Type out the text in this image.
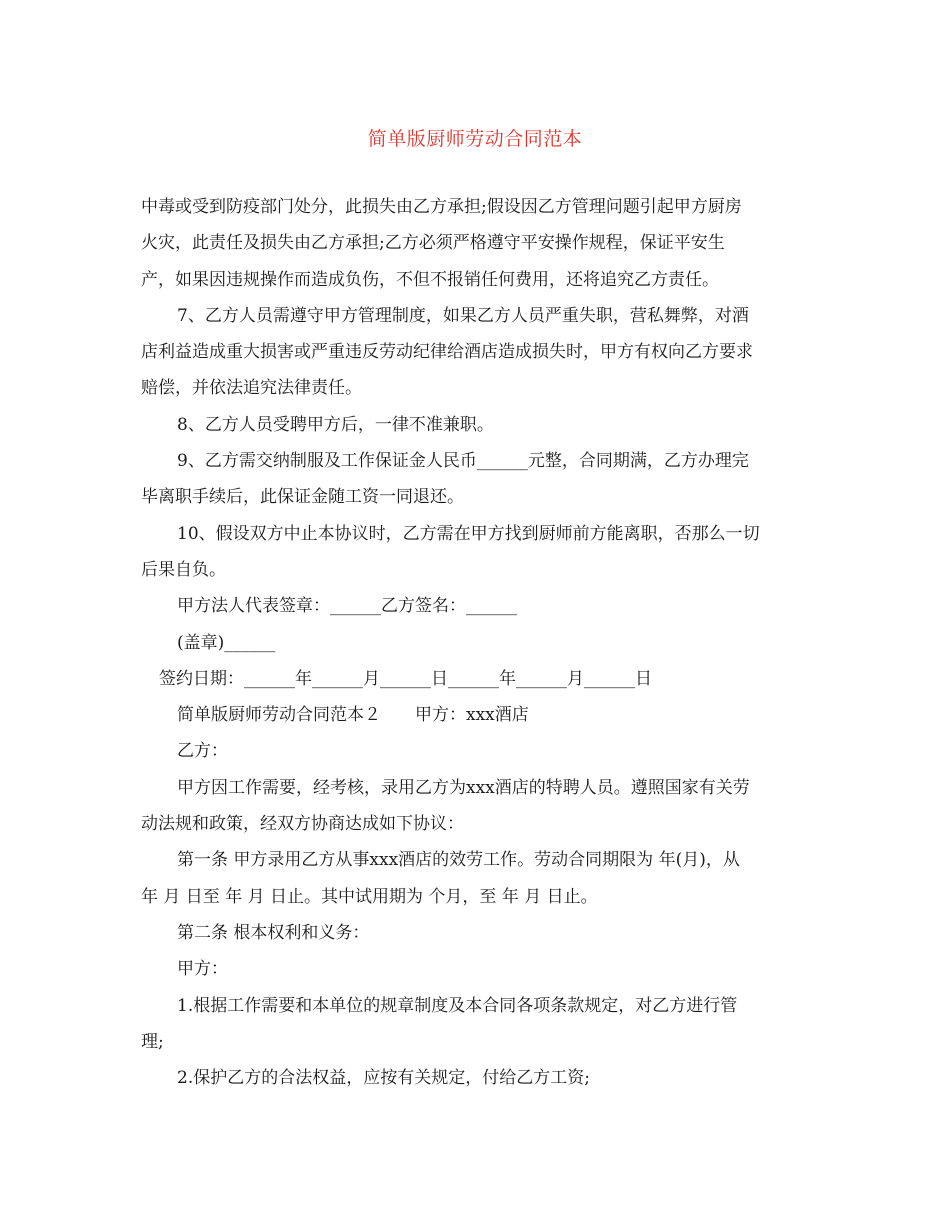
简单版厨师劳动合同范本
中毒或受到防疫部门处分，此损失由乙方承担;假设因乙方管理问题引起甲方厨房
火灾，此责任及损失由乙方承担;乙方必须严格遵守平安操作规程，保证平安生
产，如果因违规操作而造成负伤，不但不报销任何费用，还将追究乙方责任。
7、乙方人员需遵守甲方管理制度，如果乙方人员严重失职，营私舞弊，对酒
店利益造成重大损害或严重违反劳动纪律给酒店造成损失时，甲方有权向乙方要求
赔偿，并依法追究法律责任。
8、乙方人员受聘甲方后，一律不准兼职。
9、乙方需交纳制服及工作保证金人民币______元整，合同期满，乙方办理完
毕离职手续后，此保证金随工资一同退还。
10、假设双方中止本协议时，乙方需在甲方找到厨师前方能离职，否那么一切
后果自负。
甲方法人代表签章：______乙方签名：______
(盖章)______
签约日期：______年______月______日______年______月______日
简单版厨师劳动合同范本２　　甲方：xxx酒店
乙方：
甲方因工作需要，经考核，录用乙方为xxx酒店的特聘人员。遵照国家有关劳
动法规和政策，经双方协商达成如下协议：
第一条 甲方录用乙方从事xxx酒店的效劳工作。劳动合同期限为 年(月)，从
年 月 日至 年 月 日止。其中试用期为 个月，至 年 月 日止。
第二条 根本权利和义务：
甲方：
1.根据工作需要和本单位的规章制度及本合同各项条款规定，对乙方进行管
理;
2.保护乙方的合法权益，应按有关规定，付给乙方工资;
